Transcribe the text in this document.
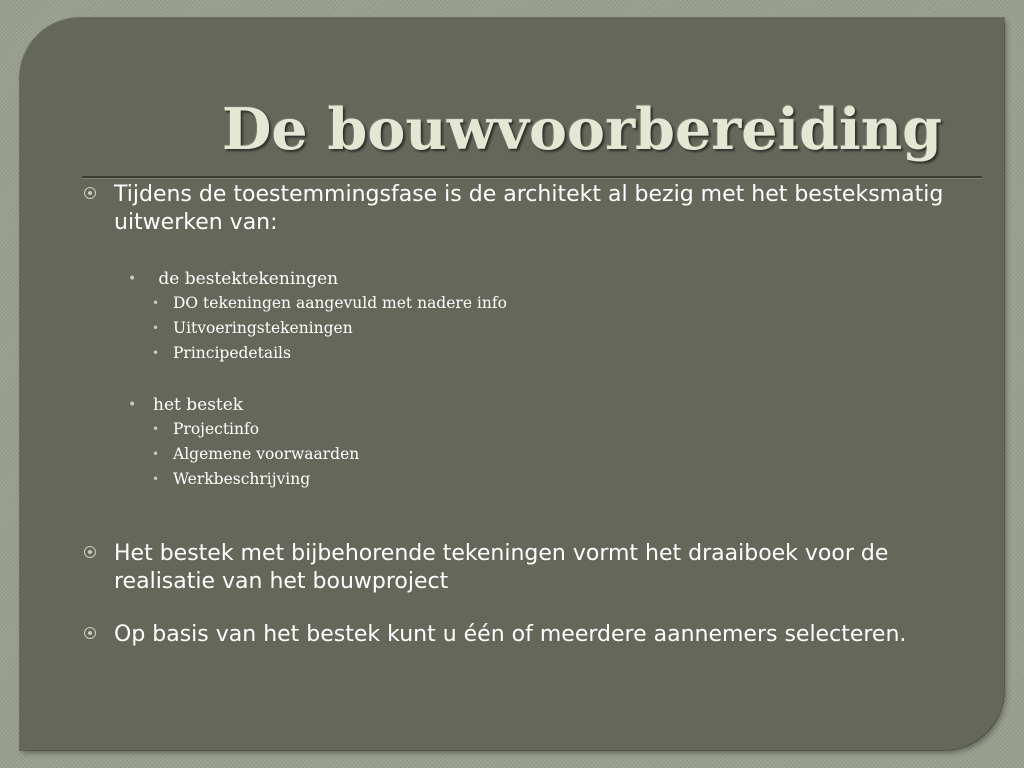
De bouwvoorbereiding
Tijdens de toestemmingsfase is de architekt al bezig met het besteksmatig uitwerken van:
• de bestektekeningen
• DO tekeningen aangevuld met nadere info
• Uitvoeringstekeningen
• Principedetails
• het bestek
• Projectinfo
• Algemene voorwaarden
• Werkbeschrijving
Het bestek met bijbehorende tekeningen vormt het draaiboek voor de realisatie van het bouwproject
Op basis van het bestek kunt u één of meerdere aannemers selecteren.
